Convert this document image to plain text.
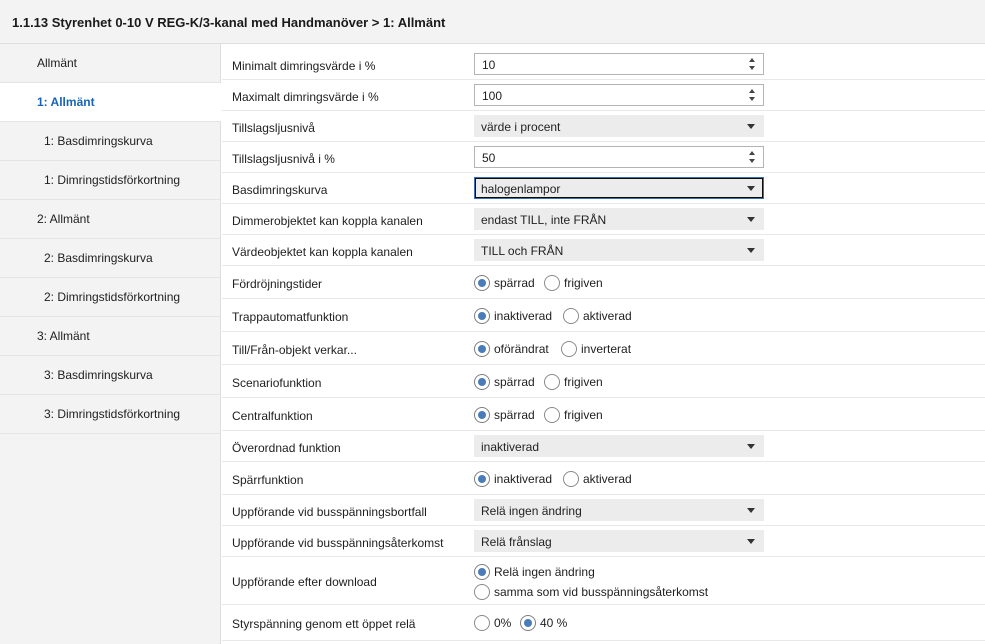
1.1.13 Styrenhet 0-10 V REG-K/3-kanal med Handmanöver > 1: Allmänt
Allmänt
1: Allmänt
1: Basdimringskurva
1: Dimringstidsförkortning
2: Allmänt
2: Basdimringskurva
2: Dimringstidsförkortning
3: Allmänt
3: Basdimringskurva
3: Dimringstidsförkortning
Minimalt dimringsvärde i %	10
Maximalt dimringsvärde i %	100
Tillslagsljusnivå	värde i procent
Tillslagsljusnivå i %	50
Basdimringskurva	halogenlampor
Dimmerobjektet kan koppla kanalen	endast TILL, inte FRÅN
Värdeobjektet kan koppla kanalen	TILL och FRÅN
Fördröjningstider	spärrad frigiven
Trappautomatfunktion	inaktiverad	aktiverad
Till/Från-objekt verkar...	oförändrat	inverterat
Scenariofunktion	spärrad frigiven
Centralfunktion	spärrad frigiven
Överordnad funktion	inaktiverad
Spärrfunktion	inaktiverad	aktiverad
Uppförande vid busspänningsbortfall	Relä ingen ändring
Uppförande vid busspänningsåterkomst	Relä frånslag
Uppförande efter download
Relä ingen ändring
samma som vid busspänningsåterkomst
Styrspänning genom ett öppet relä	0% 40 %
